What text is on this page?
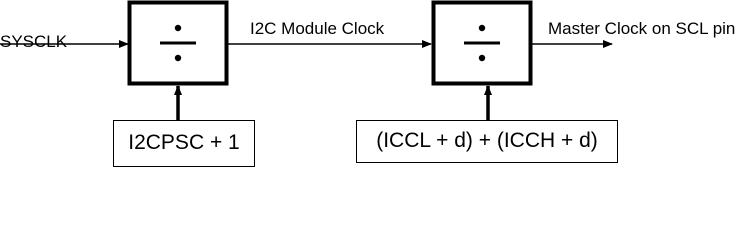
SYSCLK
I2C Module Clock	Master Clock on SCL pin
I2CPSC + 1	(ICCL + d) + (ICCH + d)
